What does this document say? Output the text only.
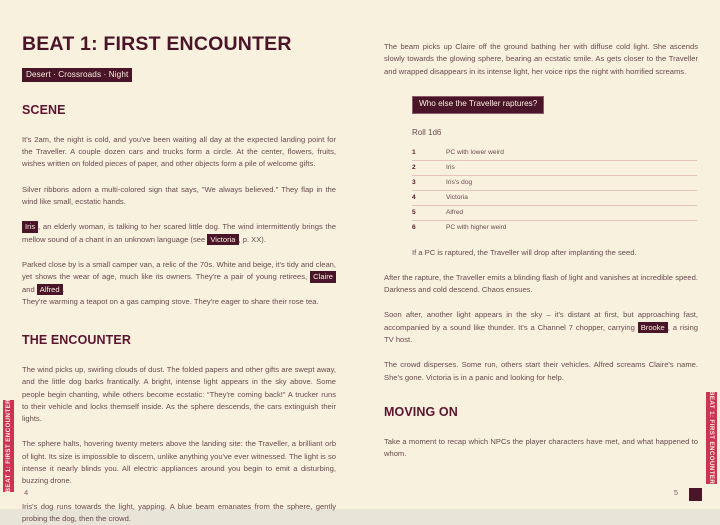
BEAT 1: FIRST ENCOUNTER
Desert · Crossroads · Night
SCENE

It's 2am, the night is cold, and you've been waiting all day at the expected landing point for the Traveller. A couple dozen cars and trucks form a circle. At the center, flowers, fruits, wishes written on folded pieces of paper, and other objects form a pile of welcome gifts.

Silver ribbons adorn a multi-colored sign that says, "We always believed." They flap in the wind like small, ecstatic hands.

Iris , an elderly woman, is talking to her scared little dog. The wind intermittently brings the mellow sound of a chant in an unknown language (see Victoria , p. XX).

Parked close by is a small camper van, a relic of the 70s. White and beige, it's tidy and clean, yet shows the wear of age, much like its owners. They're a pair of young retirees, Claire and Alfred .
They're warming a teapot on a gas camping stove. They're eager to share their rose tea.

THE ENCOUNTER

The wind picks up, swirling clouds of dust. The folded papers and other gifts are swept away, and the little dog barks frantically. A bright, intense light appears in the sky above. Some people begin chanting, while others become ecstatic: “They're coming back!” A trucker runs to their vehicle and locks themself inside. As the sphere descends, the cars extinguish their lights.

The sphere halts, hovering twenty meters above the landing site: the Traveller, a brilliant orb of light. Its size is impossible to discern, unlike anything you've ever witnessed. The light is so intense it nearly blinds you. All electric appliances around you begin to emit a disturbing, buzzing drone.

Iris's dog runs towards the light, yapping. A blue beam emanates from the sphere, gently probing the dog, then the crowd.

BEAT 1: FIRST ENCOUNTER 4

The beam picks up Claire off the ground bathing her with diffuse cold light. She ascends slowly towards the glowing sphere, bearing an ecstatic smile. As gets closer to the Traveller and wrapped disappears in its intense light, her voice rips the night with horrified screams.

Who else the Traveller raptures?
Roll 1d6
1	PC with lower weird
2	Iris
3	Iris's dog
4	Victoria
5	Alfred
6	PC with higher weird

If a PC is raptured, the Traveller will drop after implanting the seed.

After the rapture, the Traveller emits a blinding flash of light and vanishes at incredible speed. Darkness and cold descend. Chaos ensues.

Soon after, another light appears in the sky – it's distant at first, but approaching fast, accompanied by a sound like thunder. It's a Channel 7 chopper, carrying Brooke , a rising TV host.

The crowd disperses. Some run, others start their vehicles. Alfred screams Claire's name. She's gone. Victoria is in a panic and looking for help.

MOVING ON

Take a moment to recap which NPCs the player characters have met, and what happened to whom.	BEAT 1: FIRST ENCOUNTER
5
